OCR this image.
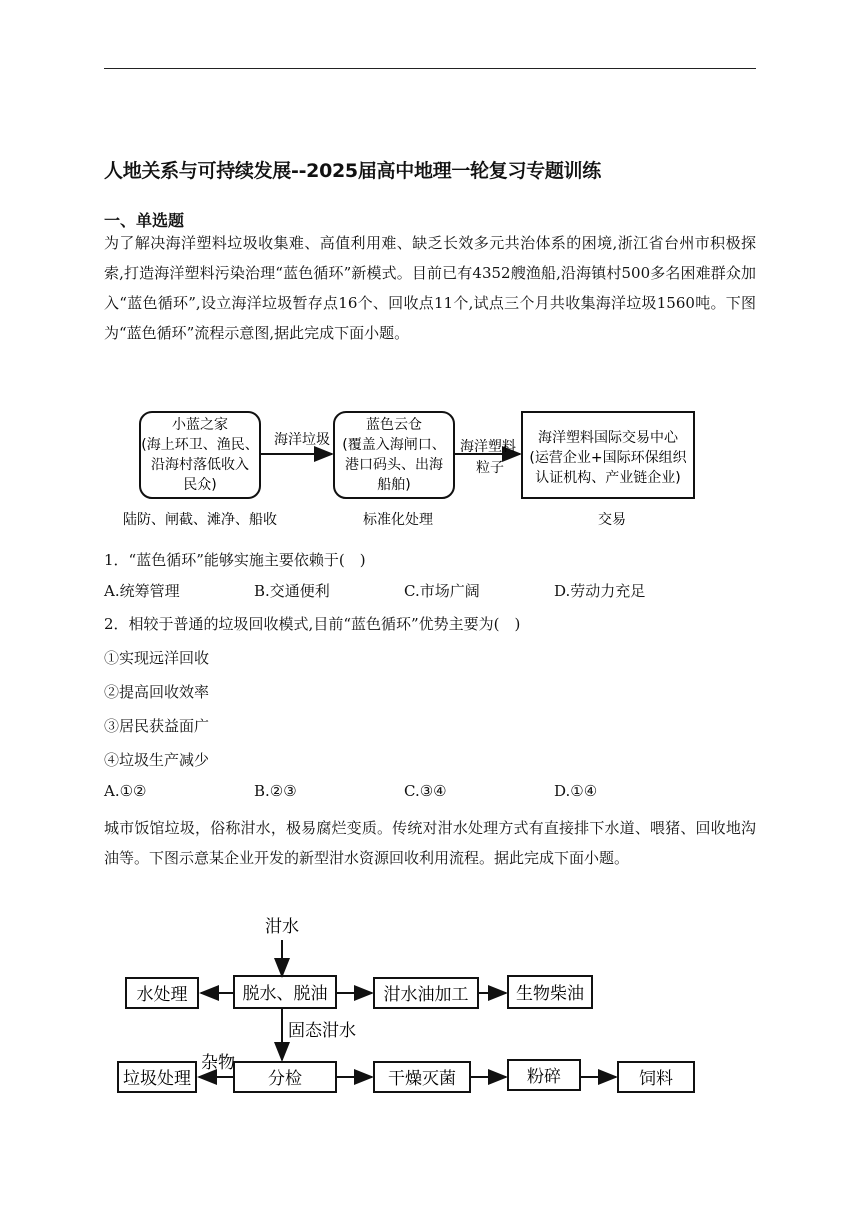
人地关系与可持续发展--2025届高中地理一轮复习专题训练
一、单选题
为了解决海洋塑料垃圾收集难、高值利用难、缺乏长效多元共治体系的困境,浙江省台州市积极探索,打造海洋塑料污染治理“蓝色循环”新模式。目前已有4352艘渔船,沿海镇村500多名困难群众加入“蓝色循环”,设立海洋垃圾暂存点16个、回收点11个,试点三个月共收集海洋垃圾1560吨。下图为“蓝色循环”流程示意图,据此完成下面小题。
小蓝之家
(海上环卫、渔民、
沿海村落低收入
民众)
海洋垃圾
蓝色云仓
(覆盖入海闸口、
港口码头、出海
船舶)
海洋塑料
粒子
海洋塑料国际交易中心
(运营企业+国际环保组织
认证机构、产业链企业)
陆防、闸截、滩净、船收	标准化处理	交易
1．“蓝色循环”能够实施主要依赖于(　)
A.统筹管理	B.交通便利	C.市场广阔	D.劳动力充足
2．相较于普通的垃圾回收模式,目前“蓝色循环”优势主要为(　)
①实现远洋回收
②提高回收效率
③居民获益面广
④垃圾生产减少
A.①②	B.②③	C.③④	D.①④
城市饭馆垃圾，俗称泔水，极易腐烂变质。传统对泔水处理方式有直接排下水道、喂猪、回收地沟油等。下图示意某企业开发的新型泔水资源回收利用流程。据此完成下面小题。
泔水
水处理	脱水、脱油	泔水油加工	生物柴油
固态泔水
垃圾处理
杂物
分检	干燥灭菌	粉碎	饲料
